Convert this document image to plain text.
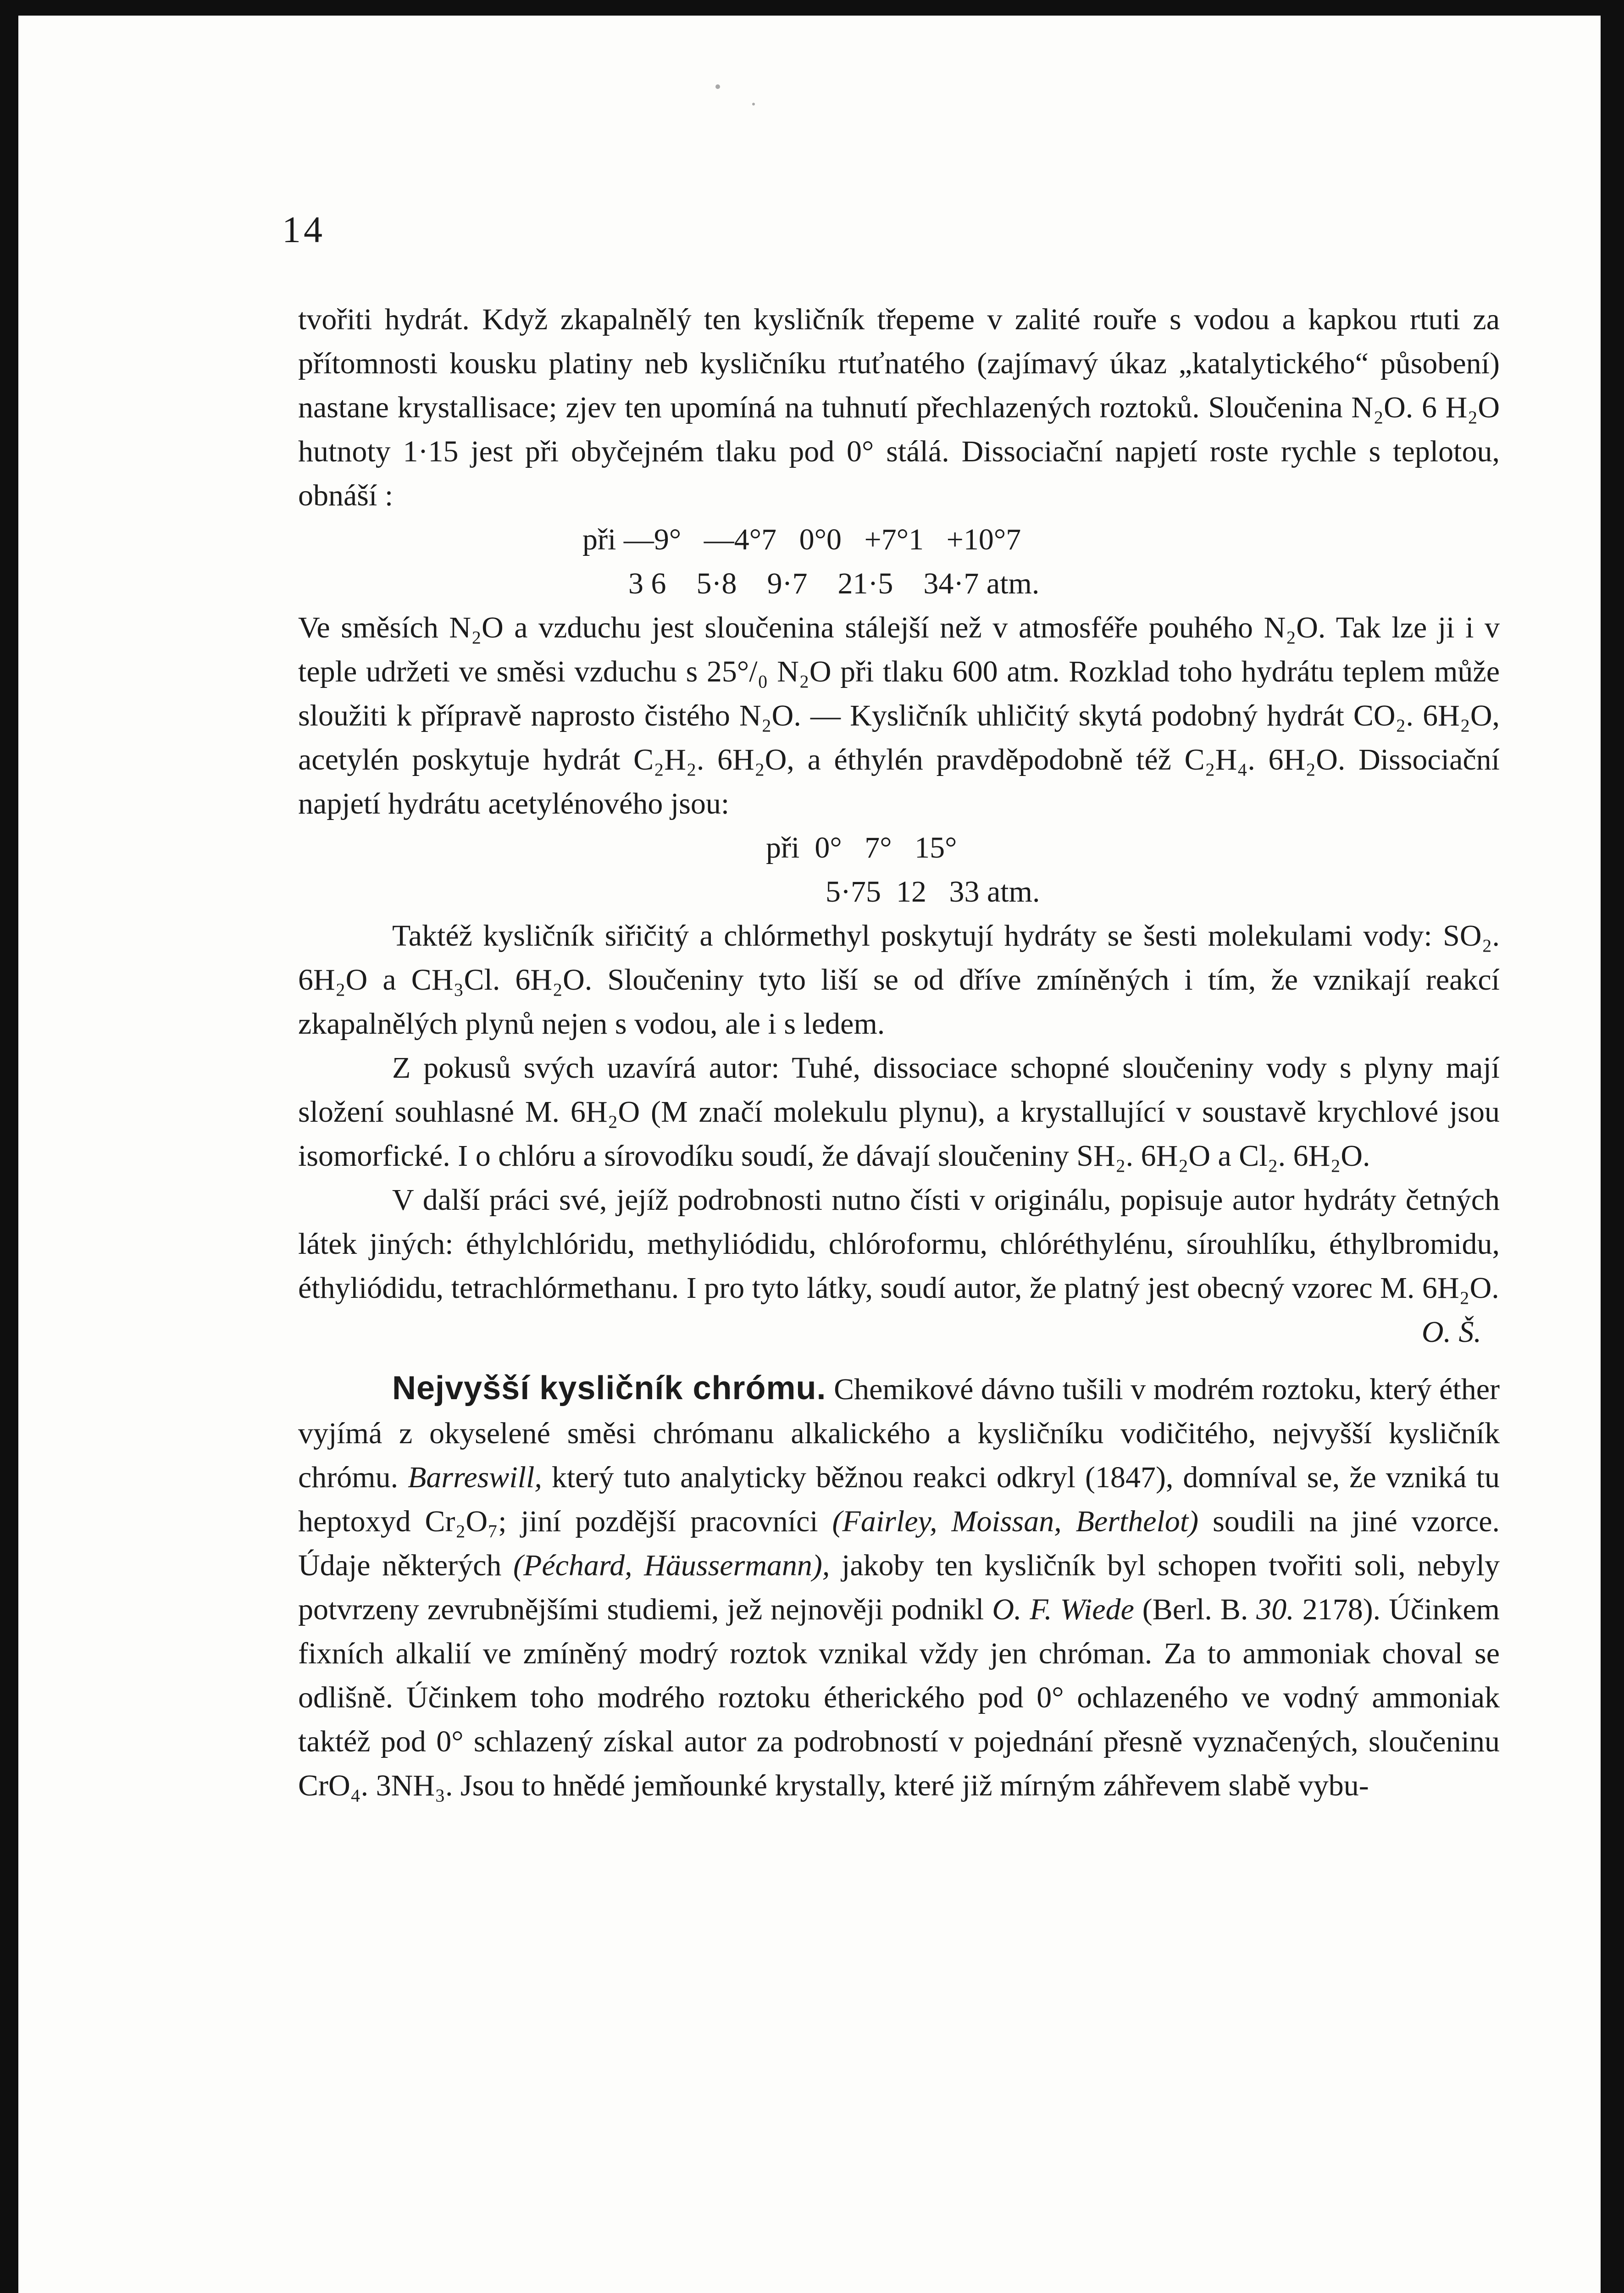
14

tvořiti hydrát. Když zkapalnělý ten kysličník třepeme v zalité rouře s vodou a kapkou rtuti za přítomnosti kousku platiny neb kysličníku rtuťnatého (zajímavý úkaz „katalytického“ působení) nastane krystallisace; zjev ten upomíná na tuhnutí přechlazených roztoků. Sloučenina N₂O. 6 H₂O hutnoty 1·15 jest při obyčejném tlaku pod 0° stálá. Dissociační napjetí roste rychle s teplotou, obnáší :

při —9°   —4°7   0°0   +7°1   +10°7

3 6    5·8    9·7    21·5    34·7 atm.

Ve směsích N₂O a vzduchu jest sloučenina stálejší než v atmosféře pouhého N₂O. Tak lze ji i v teple udržeti ve směsi vzduchu s 25°/₀ N₂O při tlaku 600 atm. Rozklad toho hydrátu teplem může sloužiti k přípravě naprosto čistého N₂O. — Kysličník uhličitý skytá podobný hydrát CO₂. 6H₂O, acetylén poskytuje hydrát C₂H₂. 6H₂O, a éthylén pravděpodobně též C₂H₄. 6H₂O. Dissociační napjetí hydrátu acetylénového jsou:

při  0°   7°   15°

5·75  12   33 atm.

Taktéž kysličník siřičitý a chlórmethyl poskytují hydráty se šesti molekulami vody: SO₂. 6H₂O a CH₃Cl. 6H₂O. Sloučeniny tyto liší se od dříve zmíněných i tím, že vznikají reakcí zkapalnělých plynů nejen s vodou, ale i s ledem.

Z pokusů svých uzavírá autor: Tuhé, dissociace schopné sloučeniny vody s plyny mají složení souhlasné M. 6H₂O (M značí molekulu plynu), a krystallující v soustavě krychlové jsou isomorfické. I o chlóru a sírovodíku soudí, že dávají sloučeniny SH₂. 6H₂O a Cl₂. 6H₂O.

V další práci své, jejíž podrobnosti nutno čísti v originálu, popisuje autor hydráty četných látek jiných: éthylchlóridu, methyliódidu, chlóroformu, chlóréthylénu, sírouhlíku, éthylbromidu, éthyliódidu, tetrachlórmethanu. I pro tyto látky, soudí autor, že platný jest obecný vzorec M. 6H₂O.

O. Š.

Nejvyšší kysličník chrómu. Chemikové dávno tušili v modrém roztoku, který éther vyjímá z okyselené směsi chrómanu alkalického a kysličníku vodičitého, nejvyšší kysličník chrómu. Barreswill, který tuto analyticky běžnou reakci odkryl (1847), domníval se, že vzniká tu heptoxyd Cr₂O₇; jiní pozdější pracovníci (Fairley, Moissan, Berthelot) soudili na jiné vzorce. Údaje některých (Péchard, Häussermann), jakoby ten kysličník byl schopen tvořiti soli, nebyly potvrzeny zevrubnějšími studiemi, jež nejnověji podnikl O. F. Wiede (Berl. B. 30. 2178). Účinkem fixních alkalií ve zmíněný modrý roztok vznikal vždy jen chróman. Za to ammoniak choval se odlišně. Účinkem toho modrého roztoku étherického pod 0° ochlazeného ve vodný ammoniak taktéž pod 0° schlazený získal autor za podrobností v pojednání přesně vyznačených, sloučeninu CrO₄. 3NH₃. Jsou to hnědé jemňounké krystally, které již mírným záhřevem slabě vybu-
